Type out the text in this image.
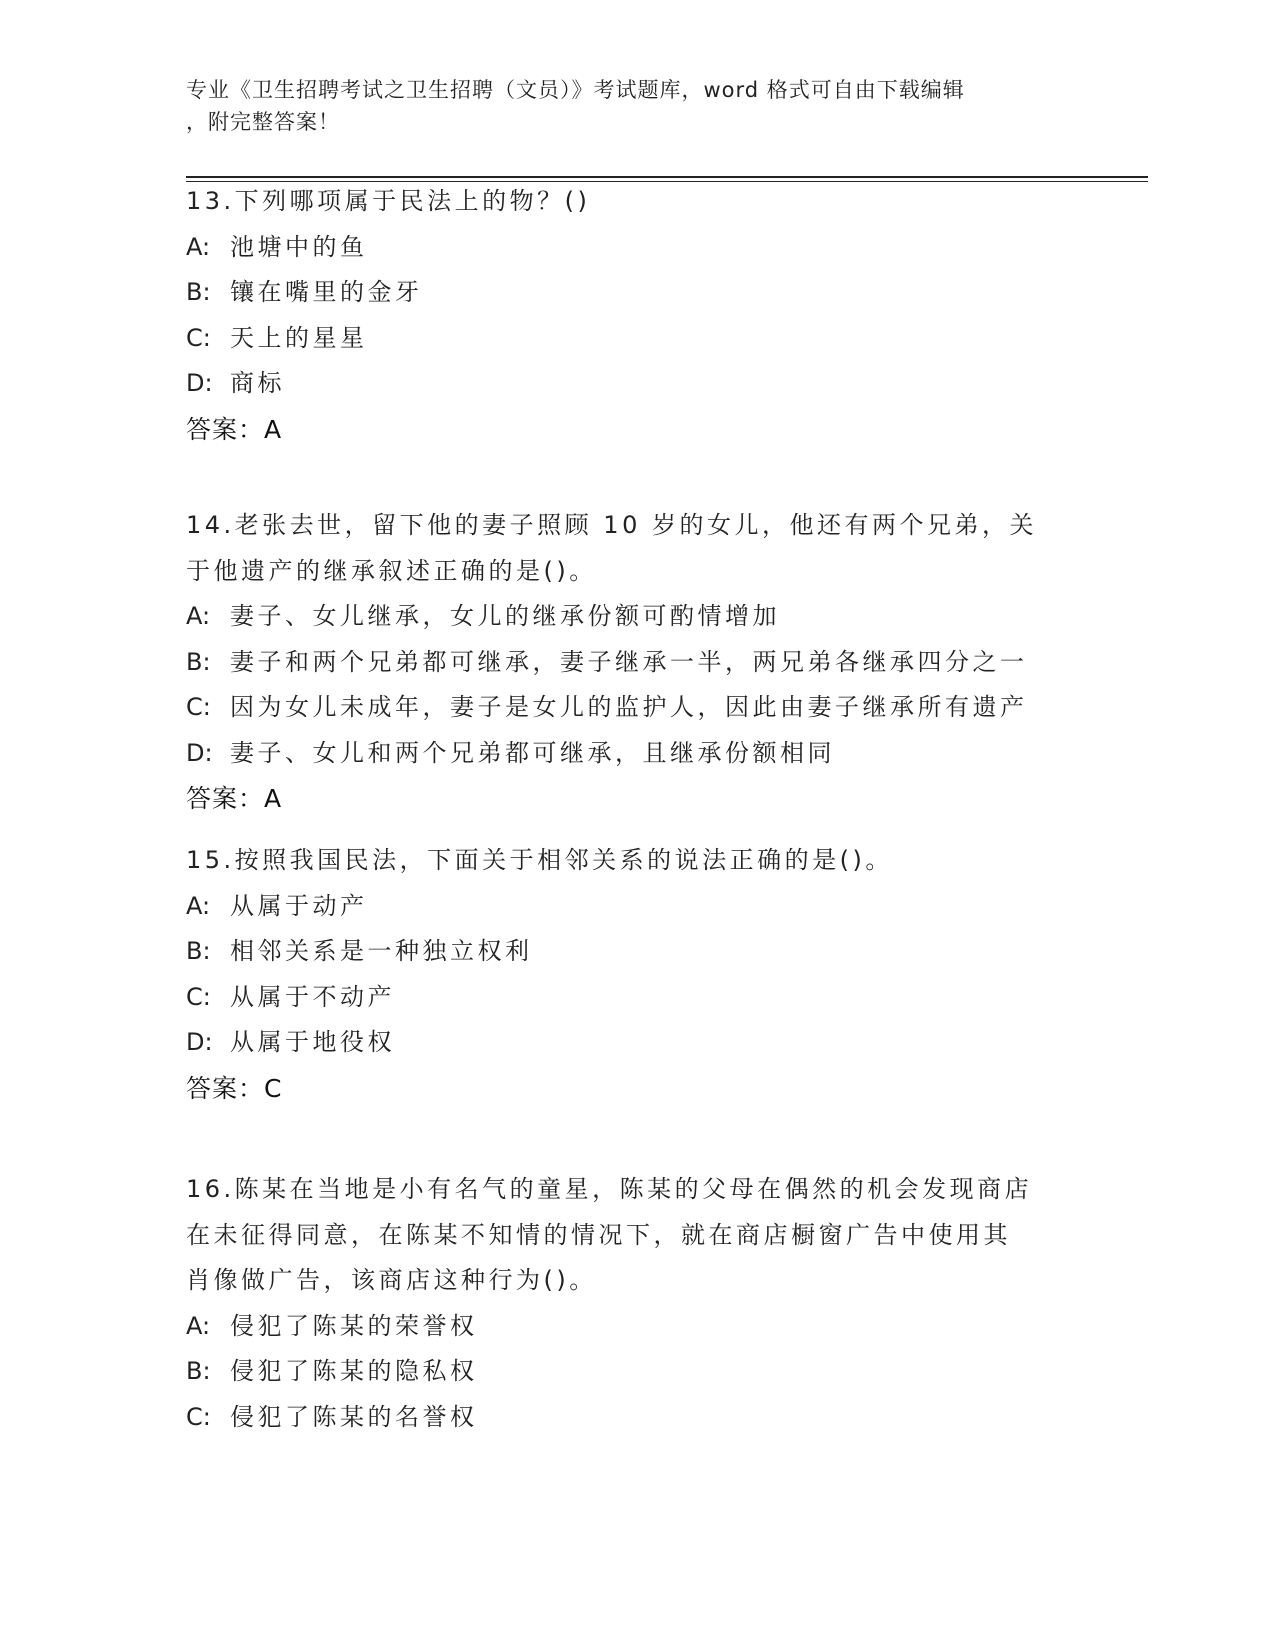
专业《卫生招聘考试之卫生招聘（文员）》考试题库，word 格式可自由下载编辑
，附完整答案！
13.下列哪项属于民法上的物？()
A: 池塘中的鱼
B: 镶在嘴里的金牙
C: 天上的星星
D: 商标
答案：A
14.老张去世，留下他的妻子照顾 10 岁的女儿，他还有两个兄弟，关
于他遗产的继承叙述正确的是()。
A: 妻子、女儿继承，女儿的继承份额可酌情增加
B: 妻子和两个兄弟都可继承，妻子继承一半，两兄弟各继承四分之一
C: 因为女儿未成年，妻子是女儿的监护人，因此由妻子继承所有遗产
D: 妻子、女儿和两个兄弟都可继承，且继承份额相同
答案：A
15.按照我国民法，下面关于相邻关系的说法正确的是()。
A: 从属于动产
B: 相邻关系是一种独立权利
C: 从属于不动产
D: 从属于地役权
答案：C
16.陈某在当地是小有名气的童星，陈某的父母在偶然的机会发现商店
在未征得同意，在陈某不知情的情况下，就在商店橱窗广告中使用其
肖像做广告，该商店这种行为()。
A: 侵犯了陈某的荣誉权
B: 侵犯了陈某的隐私权
C: 侵犯了陈某的名誉权
